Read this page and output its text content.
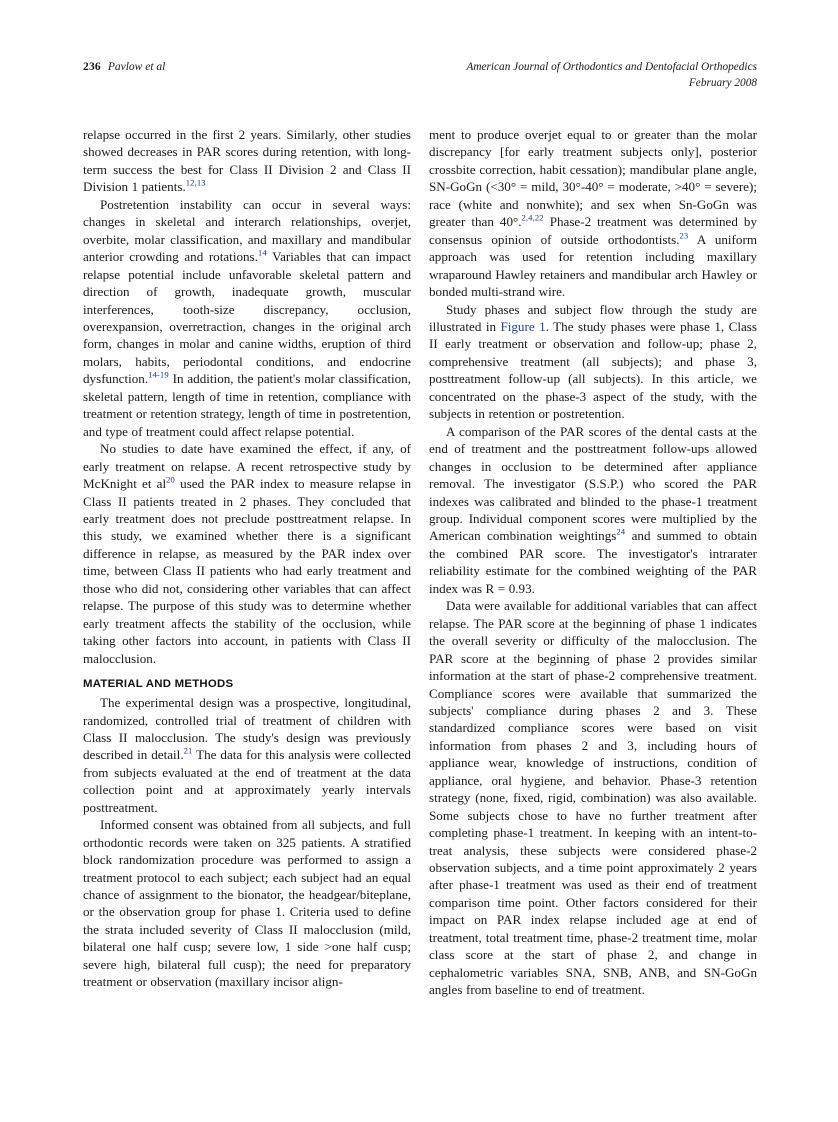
236 Pavlow et al	American Journal of Orthodontics and Dentofacial Orthopedics
February 2008

relapse occurred in the first 2 years. Similarly, other studies showed decreases in PAR scores during retention, with long-term success the best for Class II Division 2 and Class II Division 1 patients.$^{12,13}$

Postretention instability can occur in several ways: changes in skeletal and interarch relationships, overjet, overbite, molar classification, and maxillary and mandibular anterior crowding and rotations.$^{14}$ Variables that can impact relapse potential include unfavorable skeletal pattern and direction of growth, inadequate growth, muscular interferences, tooth-size discrepancy, occlusion, overexpansion, overretraction, changes in the original arch form, changes in molar and canine widths, eruption of third molars, habits, periodontal conditions, and endocrine dysfunction.$^{14-19}$ In addition, the patient's molar classification, skeletal pattern, length of time in retention, compliance with treatment or retention strategy, length of time in postretention, and type of treatment could affect relapse potential.

No studies to date have examined the effect, if any, of early treatment on relapse. A recent retrospective study by McKnight et al$^{20}$ used the PAR index to measure relapse in Class II patients treated in 2 phases. They concluded that early treatment does not preclude posttreatment relapse. In this study, we examined whether there is a significant difference in relapse, as measured by the PAR index over time, between Class II patients who had early treatment and those who did not, considering other variables that can affect relapse. The purpose of this study was to determine whether early treatment affects the stability of the occlusion, while taking other factors into account, in patients with Class II malocclusion.

MATERIAL AND METHODS

The experimental design was a prospective, longitudinal, randomized, controlled trial of treatment of children with Class II malocclusion. The study's design was previously described in detail.$^{21}$ The data for this analysis were collected from subjects evaluated at the end of treatment at the data collection point and at approximately yearly intervals posttreatment.

Informed consent was obtained from all subjects, and full orthodontic records were taken on 325 patients. A stratified block randomization procedure was performed to assign a treatment protocol to each subject; each subject had an equal chance of assignment to the bionator, the headgear/biteplane, or the observation group for phase 1. Criteria used to define the strata included severity of Class II malocclusion (mild, bilateral one half cusp; severe low, 1 side >one half cusp; severe high, bilateral full cusp); the need for preparatory treatment or observation (maxillary incisor align-

ment to produce overjet equal to or greater than the molar discrepancy [for early treatment subjects only], posterior crossbite correction, habit cessation); mandibular plane angle, SN-GoGn (<30° = mild, 30°-40° = moderate, >40° = severe); race (white and nonwhite); and sex when Sn-GoGn was greater than 40°.$^{2,4,22}$ Phase-2 treatment was determined by consensus opinion of outside orthodontists.$^{23}$ A uniform approach was used for retention including maxillary wraparound Hawley retainers and mandibular arch Hawley or bonded multi-strand wire.

Study phases and subject flow through the study are illustrated in Figure 1. The study phases were phase 1, Class II early treatment or observation and follow-up; phase 2, comprehensive treatment (all subjects); and phase 3, posttreatment follow-up (all subjects). In this article, we concentrated on the phase-3 aspect of the study, with the subjects in retention or postretention.

A comparison of the PAR scores of the dental casts at the end of treatment and the posttreatment follow-ups allowed changes in occlusion to be determined after appliance removal. The investigator (S.S.P.) who scored the PAR indexes was calibrated and blinded to the phase-1 treatment group. Individual component scores were multiplied by the American combination weightings$^{24}$ and summed to obtain the combined PAR score. The investigator's intrarater reliability estimate for the combined weighting of the PAR index was R = 0.93.

Data were available for additional variables that can affect relapse. The PAR score at the beginning of phase 1 indicates the overall severity or difficulty of the malocclusion. The PAR score at the beginning of phase 2 provides similar information at the start of phase-2 comprehensive treatment. Compliance scores were available that summarized the subjects' compliance during phases 2 and 3. These standardized compliance scores were based on visit information from phases 2 and 3, including hours of appliance wear, knowledge of instructions, condition of appliance, oral hygiene, and behavior. Phase-3 retention strategy (none, fixed, rigid, combination) was also available. Some subjects chose to have no further treatment after completing phase-1 treatment. In keeping with an intent-to-treat analysis, these subjects were considered phase-2 observation subjects, and a time point approximately 2 years after phase-1 treatment was used as their end of treatment comparison time point. Other factors considered for their impact on PAR index relapse included age at end of treatment, total treatment time, phase-2 treatment time, molar class score at the start of phase 2, and change in cephalometric variables SNA, SNB, ANB, and SN-GoGn angles from baseline to end of treatment.
